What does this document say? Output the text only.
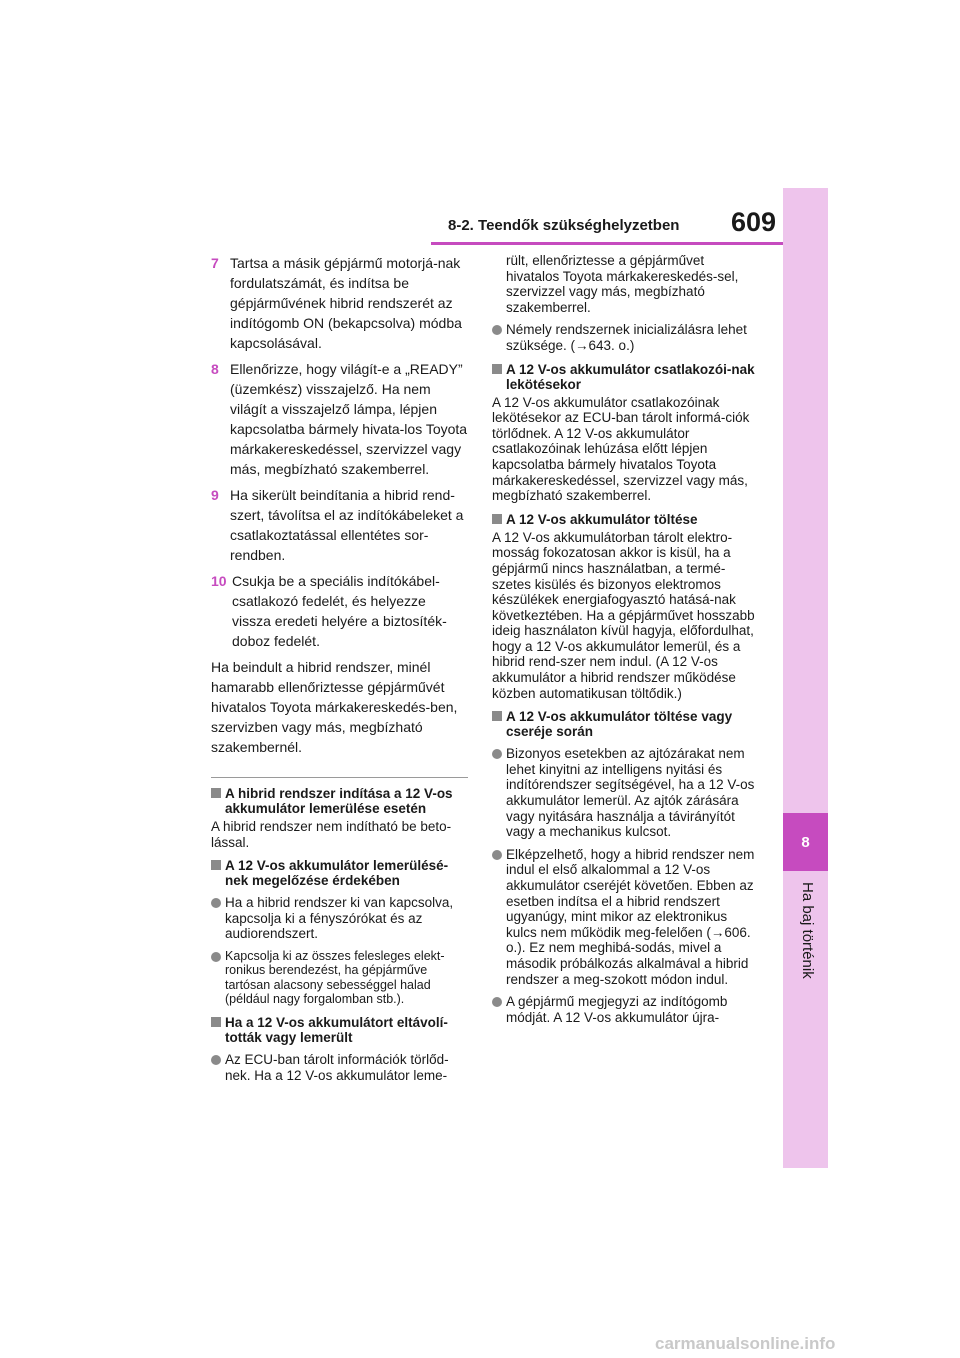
8-2. Teendők szükséghelyzetben 609
8
Ha baj történik
7 Tartsa a másik gépjármű motorjá-nak fordulatszámát, és indítsa be gépjárművének hibrid rendszerét az indítógomb ON (bekapcsolva) módba kapcsolásával.
8 Ellenőrizze, hogy világít-e a „READY” (üzemkész) visszajelző. Ha nem világít a visszajelző lámpa, lépjen kapcsolatba bármely hivata-los Toyota márkakereskedéssel, szervizzel vagy más, megbízható szakemberrel.
9 Ha sikerült beindítania a hibrid rend-szert, távolítsa el az indítókábeleket a csatlakoztatással ellentétes sor-rendben.
10 Csukja be a speciális indítókábel-csatlakozó fedelét, és helyezze vissza eredeti helyére a biztosíték-doboz fedelét.
Ha beindult a hibrid rendszer, minél hamarabb ellenőriztesse gépjárművét hivatalos Toyota márkakereskedés-ben, szervizben vagy más, megbízható szakembernél.
A hibrid rendszer indítása a 12 V-os akkumulátor lemerülése esetén
A hibrid rendszer nem indítható be beto-lással.
A 12 V-os akkumulátor lemerülésé-nek megelőzése érdekében
Ha a hibrid rendszer ki van kapcsolva, kapcsolja ki a fényszórókat és az audiorendszert.
Kapcsolja ki az összes felesleges elekt-ronikus berendezést, ha gépjárműve tartósan alacsony sebességgel halad (például nagy forgalomban stb.).
Ha a 12 V-os akkumulátort eltávolí-tották vagy lemerült
Az ECU-ban tárolt információk törlőd-nek. Ha a 12 V-os akkumulátor leme-
rült, ellenőriztesse a gépjárművet hivatalos Toyota márkakereskedés-sel, szervizzel vagy más, megbízható szakemberrel.
Némely rendszernek inicializálásra lehet szüksége. (→643. o.)
A 12 V-os akkumulátor csatlakozói-nak lekötésekor
A 12 V-os akkumulátor csatlakozóinak lekötésekor az ECU-ban tárolt informá-ciók törlődnek. A 12 V-os akkumulátor csatlakozóinak lehúzása előtt lépjen kapcsolatba bármely hivatalos Toyota márkakereskedéssel, szervizzel vagy más, megbízható szakemberrel.
A 12 V-os akkumulátor töltése
A 12 V-os akkumulátorban tárolt elektro-mosság fokozatosan akkor is kisül, ha a gépjármű nincs használatban, a termé-szetes kisülés és bizonyos elektromos készülékek energiafogyasztó hatásá-nak következtében. Ha a gépjárművet hosszabb ideig használaton kívül hagyja, előfordulhat, hogy a 12 V-os akkumulátor lemerül, és a hibrid rend-szer nem indul. (A 12 V-os akkumulátor a hibrid rendszer működése közben automatikusan töltődik.)
A 12 V-os akkumulátor töltése vagy cseréje során
Bizonyos esetekben az ajtózárakat nem lehet kinyitni az intelligens nyitási és indítórendszer segítségével, ha a 12 V-os akkumulátor lemerül. Az ajtók zárására vagy nyitására használja a távirányítót vagy a mechanikus kulcsot.
Elképzelhető, hogy a hibrid rendszer nem indul el első alkalommal a 12 V-os akkumulátor cseréjét követően. Ebben az esetben indítsa el a hibrid rendszert ugyanúgy, mint mikor az elektronikus kulcs nem működik meg-felelően (→606. o.). Ez nem meghibá-sodás, mivel a második próbálkozás alkalmával a hibrid rendszer a meg-szokott módon indul.
A gépjármű megjegyzi az indítógomb módját. A 12 V-os akkumulátor újra-
carmanualsonline.info
